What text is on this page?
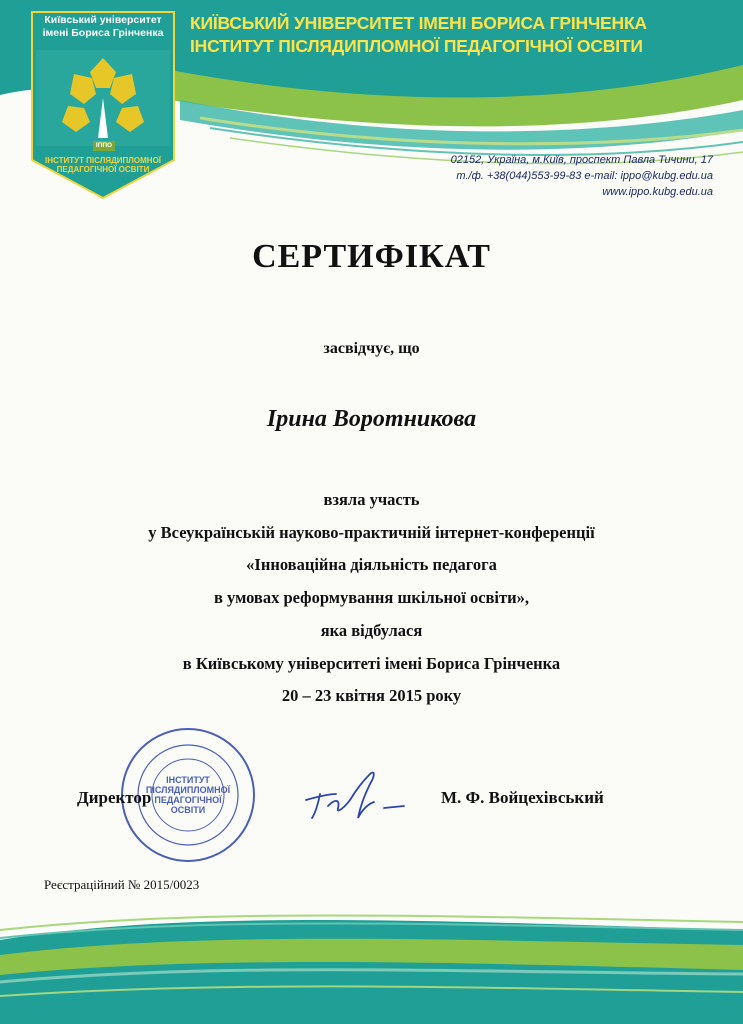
Київський університет
імені Бориса Грінченка
ІППО
ІНСТИТУТ ПІСЛЯДИПЛОМНОЇ
ПЕДАГОГІЧНОЇ ОСВІТИ
КИЇВСЬКИЙ УНІВЕРСИТЕТ ІМЕНІ БОРИСА ГРІНЧЕНКА
ІНСТИТУТ ПІСЛЯДИПЛОМНОЇ ПЕДАГОГІЧНОЇ ОСВІТИ
02152, Україна, м.Київ, проспект Павла Тичини, 17
т./ф. +38(044)553-99-83 e-mail: ippo@kubg.edu.ua
www.ippo.kubg.edu.ua
СЕРТИФІКАТ
засвідчує, що
Ірина Воротникова
взяла участь
у Всеукраїнській науково-практичній інтернет-конференції
«Інноваційна діяльність педагога
в умовах реформування шкільної освіти»,
яка відбулася
в Київському університеті імені Бориса Грінченка
20 – 23 квітня 2015 року
ІНСТИТУТ
ПІСЛЯДИПЛОМНОЇ
ПЕДАГОГІЧНОЇ
ОСВІТИ
Директор	М. Ф. Войцехівський
Реєстраційний № 2015/0023
